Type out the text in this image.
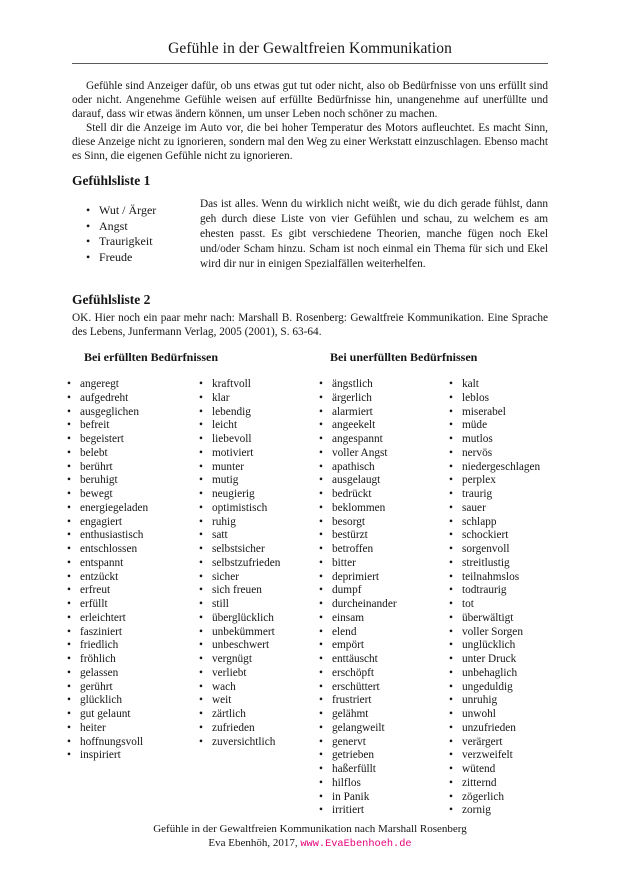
Gefühle in der Gewaltfreien Kommunikation

Gefühle sind Anzeiger dafür, ob uns etwas gut tut oder nicht, also ob Bedürfnisse von uns erfüllt sind oder nicht. Angenehme Gefühle weisen auf erfüllte Bedürfnisse hin, unangenehme auf unerfüllte und darauf, dass wir etwas ändern können, um unser Leben noch schöner zu machen.

Stell dir die Anzeige im Auto vor, die bei hoher Temperatur des Motors aufleuchtet. Es macht Sinn, diese Anzeige nicht zu ignorieren, sondern mal den Weg zu einer Werkstatt einzuschlagen. Ebenso macht es Sinn, die eigenen Gefühle nicht zu ignorieren.

Gefühlsliste 1
• Wut / Ärger
• Angst
• Traurigkeit
• Freude

Das ist alles. Wenn du wirklich nicht weißt, wie du dich gerade fühlst, dann geh durch diese Liste von vier Gefühlen und schau, zu welchem es am ehesten passt. Es gibt verschiedene Theorien, manche fügen noch Ekel und/oder Scham hinzu. Scham ist noch einmal ein Thema für sich und Ekel wird dir nur in einigen Spezialfällen weiterhelfen.

Gefühlsliste 2

OK. Hier noch ein paar mehr nach: Marshall B. Rosenberg: Gewaltfreie Kommunikation. Eine Sprache des Lebens, Junfermann Verlag, 2005 (2001), S. 63-64.

Bei erfüllten Bedürfnissen
• angeregt
• aufgedreht
• ausgeglichen
• befreit
• begeistert
• belebt
• berührt
• beruhigt
• bewegt
• energiegeladen
• engagiert
• enthusiastisch
• entschlossen
• entspannt
• entzückt
• erfreut
• erfüllt
• erleichtert
• fasziniert
• friedlich
• fröhlich
• gelassen
• gerührt
• glücklich
• gut gelaunt
• heiter
• hoffnungsvoll
• inspiriert
• kraftvoll
• klar
• lebendig
• leicht
• liebevoll
• motiviert
• munter
• mutig
• neugierig
• optimistisch
• ruhig
• satt
• selbstsicher
• selbstzufrieden
• sicher
• sich freuen
• still
• überglücklich
• unbekümmert
• unbeschwert
• vergnügt
• verliebt
• wach
• weit
• zärtlich
• zufrieden
• zuversichtlich
Bei unerfüllten Bedürfnissen
• ängstlich
• ärgerlich
• alarmiert
• angeekelt
• angespannt
• voller Angst
• apathisch
• ausgelaugt
• bedrückt
• beklommen
• besorgt
• bestürzt
• betroffen
• bitter
• deprimiert
• dumpf
• durcheinander
• einsam
• elend
• empört
• enttäuscht
• erschöpft
• erschüttert
• frustriert
• gelähmt
• gelangweilt
• genervt
• getrieben
• haßerfüllt
• hilflos
• in Panik
• irritiert
• kalt
• leblos
• miserabel
• müde
• mutlos
• nervös
• niedergeschlagen
• perplex
• traurig
• sauer
• schlapp
• schockiert
• sorgenvoll
• streitlustig
• teilnahmslos
• todtraurig
• tot
• überwältigt
• voller Sorgen
• unglücklich
• unter Druck
• unbehaglich
• ungeduldig
• unruhig
• unwohl
• unzufrieden
• verärgert
• verzweifelt
• wütend
• zitternd
• zögerlich
• zornig
Gefühle in der Gewaltfreien Kommunikation nach Marshall Rosenberg
Eva Ebenhöh, 2017, www.EvaEbenhoeh.de
